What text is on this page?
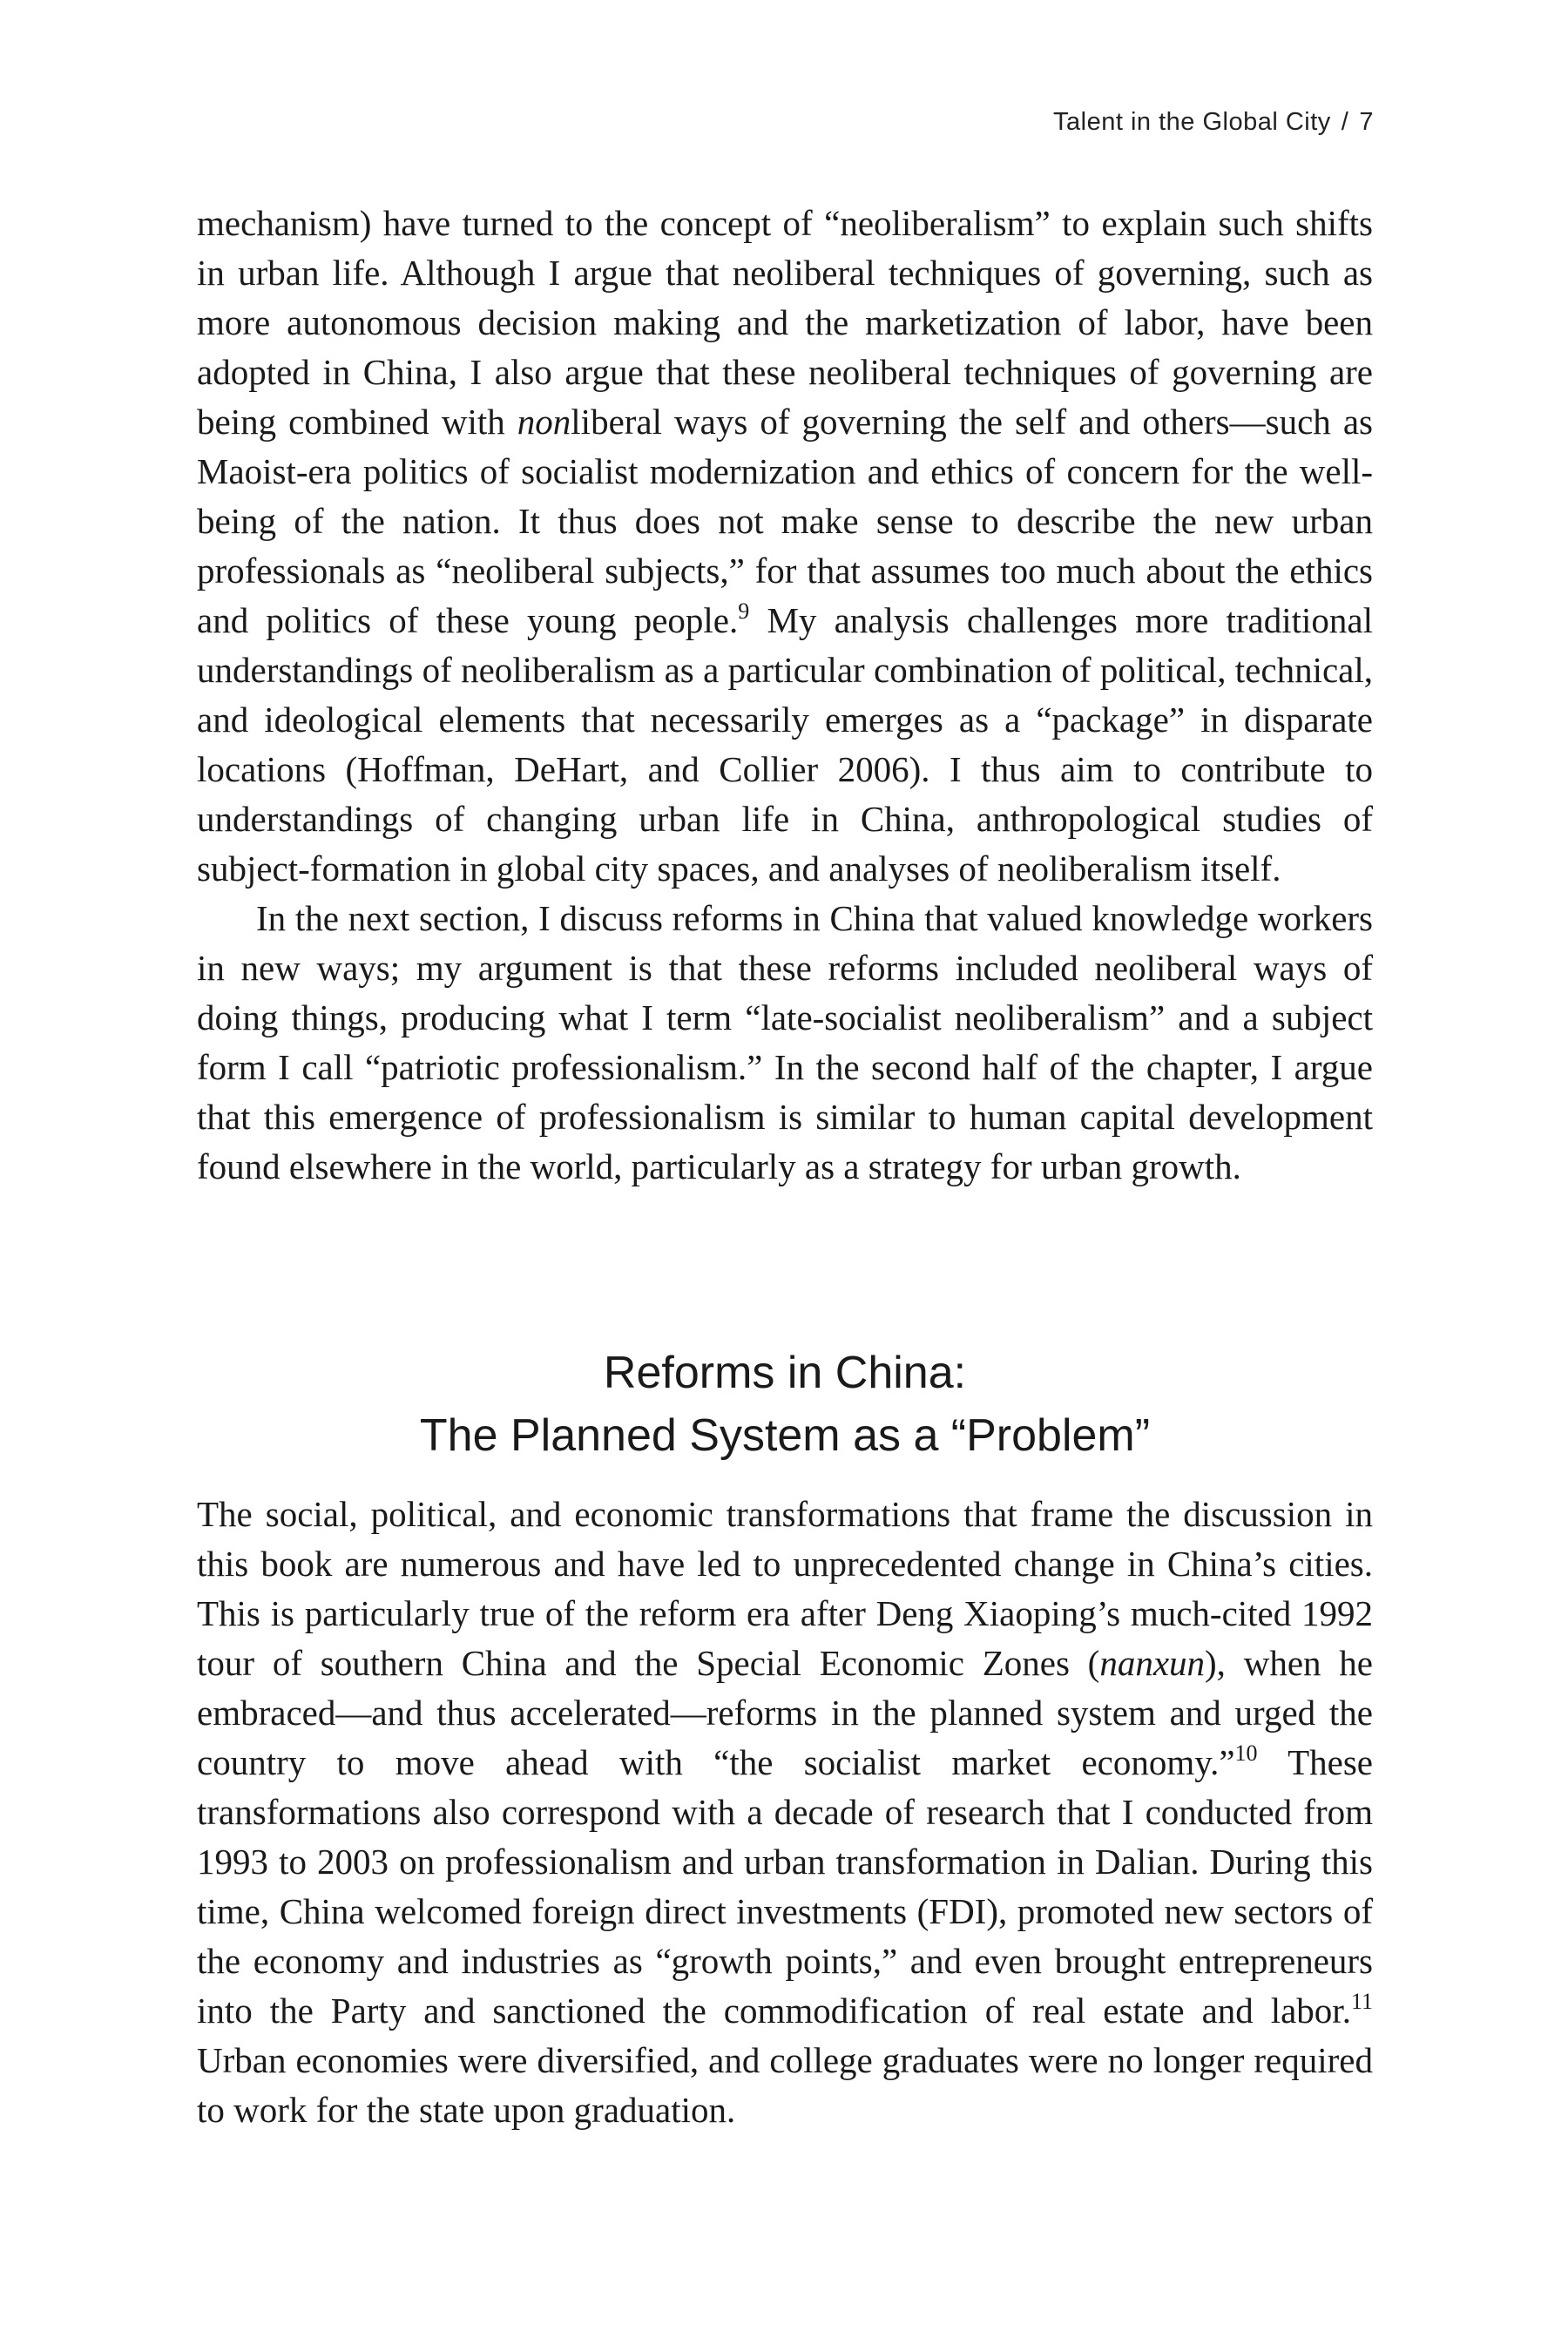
Talent in the Global City / 7

mechanism) have turned to the concept of “neoliberalism” to explain such shifts in urban life. Although I argue that neoliberal techniques of governing, such as more autonomous decision making and the marketization of labor, have been adopted in China, I also argue that these neoliberal techniques of governing are being combined with nonliberal ways of governing the self and others—such as Maoist-era politics of socialist modernization and ethics of concern for the well-being of the nation. It thus does not make sense to describe the new urban professionals as “neoliberal subjects,” for that assumes too much about the ethics and politics of these young people.$^9$ My analysis challenges more traditional understandings of neoliberalism as a particular combination of political, technical, and ideological elements that necessarily emerges as a “package” in disparate locations (Hoffman, DeHart, and Collier 2006). I thus aim to contribute to understandings of changing urban life in China, anthropological studies of subject-formation in global city spaces, and analyses of neoliberalism itself.

In the next section, I discuss reforms in China that valued knowledge workers in new ways; my argument is that these reforms included neoliberal ways of doing things, producing what I term “late-socialist neoliberalism” and a subject form I call “patriotic professionalism.” In the second half of the chapter, I argue that this emergence of professionalism is similar to human capital development found elsewhere in the world, particularly as a strategy for urban growth.

Reforms in China:
The Planned System as a “Problem”

The social, political, and economic transformations that frame the discussion in this book are numerous and have led to unprecedented change in China’s cities. This is particularly true of the reform era after Deng Xiaoping’s much-cited 1992 tour of southern China and the Special Economic Zones (nanxun), when he embraced—and thus accelerated—reforms in the planned system and urged the country to move ahead with “the socialist market economy.”$^{10}$ These transformations also correspond with a decade of research that I conducted from 1993 to 2003 on professionalism and urban transformation in Dalian. During this time, China welcomed foreign direct investments (FDI), promoted new sectors of the economy and industries as “growth points,” and even brought entrepreneurs into the Party and sanctioned the commodification of real estate and labor.$^{11}$ Urban economies were diversified, and college graduates were no longer required to work for the state upon graduation.
